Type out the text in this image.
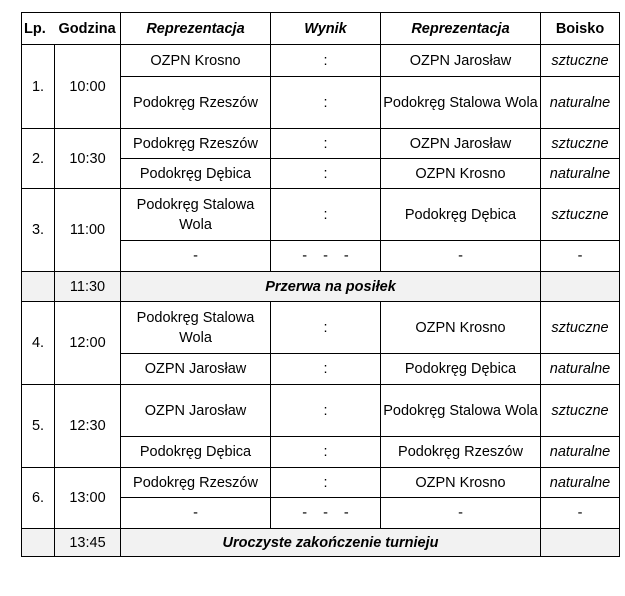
Lp.	Godzina	Reprezentacja	Wynik	Reprezentacja	Boisko
1.	10:00	OZPN Krosno	:	OZPN Jarosław	sztuczne
		Podokręg Rzeszów	:	Podokręg Stalowa Wola	naturalne
2.	10:30	Podokręg Rzeszów	:	OZPN Jarosław	sztuczne
		Podokręg Dębica	:	OZPN Krosno	naturalne
3.	11:00	Podokręg Stalowa Wola	:	Podokręg Dębica	sztuczne
		-	- - -	-	-
	11:30	Przerwa na posiłek			
4.	12:00	Podokręg Stalowa Wola	:	OZPN Krosno	sztuczne
		OZPN Jarosław	:	Podokręg Dębica	naturalne
5.	12:30	OZPN Jarosław	:	Podokręg Stalowa Wola	sztuczne
		Podokręg Dębica	:	Podokręg Rzeszów	naturalne
6.	13:00	Podokręg Rzeszów	:	OZPN Krosno	naturalne
		-	- - -	-	-
	13:45	Uroczyste zakończenie turnieju			
